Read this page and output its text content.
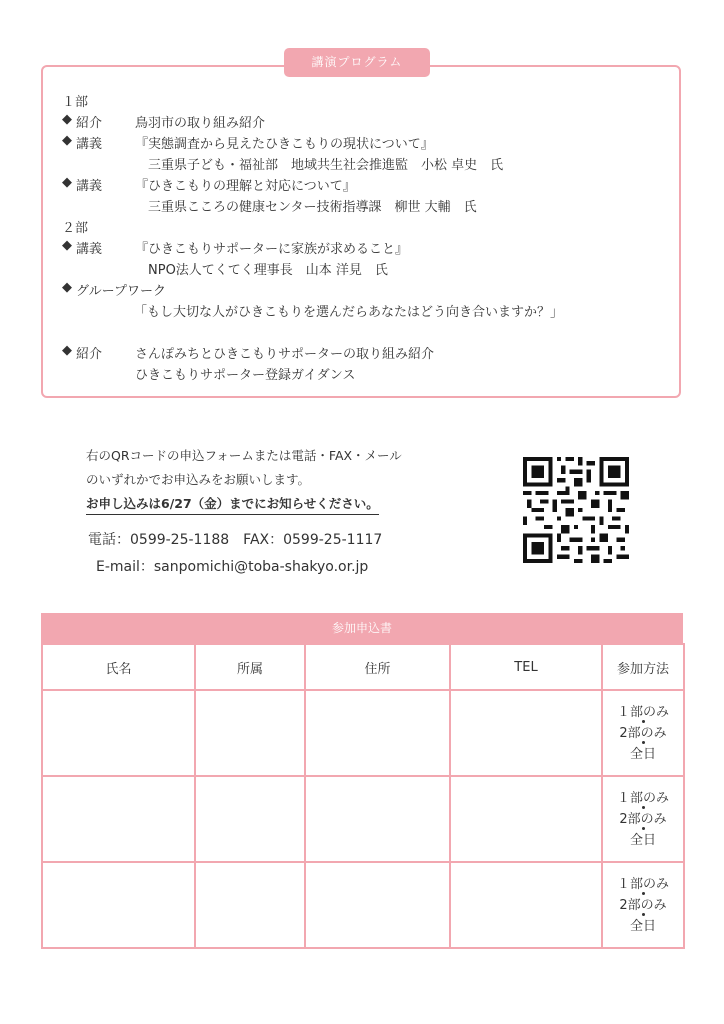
講演プログラム
１部
◆ 紹介	鳥羽市の取り組み紹介
◆ 講義	『実態調査から見えたひきこもりの現状について』
三重県子ども・福祉部　地域共生社会推進監　小松 卓史　氏
◆ 講義	『ひきこもりの理解と対応について』
三重県こころの健康センター技術指導課　柳世 大輔　氏
２部
◆ 講義	『ひきこもりサポーターに家族が求めること』
NPO法人てくてく理事長　山本 洋見　氏
◆ グループワーク
「もし大切な人がひきこもりを選んだらあなたはどう向き合いますか？」
◆ 紹介	さんぽみちとひきこもりサポーターの取り組み紹介
ひきこもりサポーター登録ガイダンス
右のQRコードの申込フォームまたは電話・FAX・メール
のいずれかでお申込みをお願いします。
お申し込みは6/27（金）までにお知らせください。
電話：0599-25-1188　FAX：0599-25-1117
E-mail：sanpomichi@toba-shakyo.or.jp
参加申込書
氏名	所属	住所	TEL	参加方法

				１部のみ
2部のみ
全日

				１部のみ
2部のみ
全日

				１部のみ
2部のみ
全日
